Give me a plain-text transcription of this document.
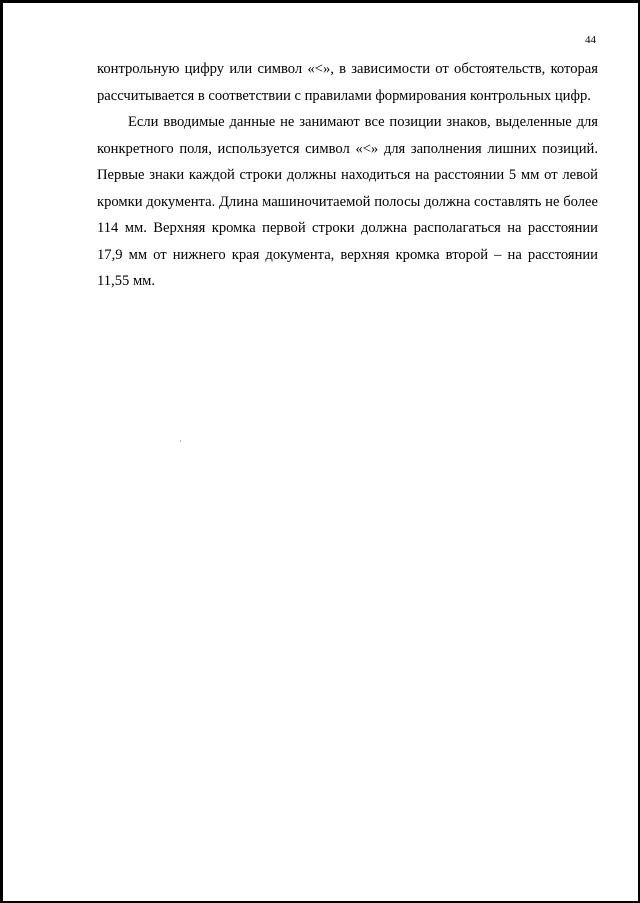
44

контрольную цифру или символ «<», в зависимости от обстоятельств, которая рассчитывается в соответствии с правилами формирования контрольных цифр.

Если вводимые данные не занимают все позиции знаков, выделенные для конкретного поля, используется символ «<» для заполнения лишних позиций. Первые знаки каждой строки должны находиться на расстоянии 5 мм от левой кромки документа. Длина машиночитаемой полосы должна составлять не более 114 мм. Верхняя кромка первой строки должна располагаться на расстоянии 17,9 мм от нижнего края документа, верхняя кромка второй – на расстоянии 11,55 мм.
